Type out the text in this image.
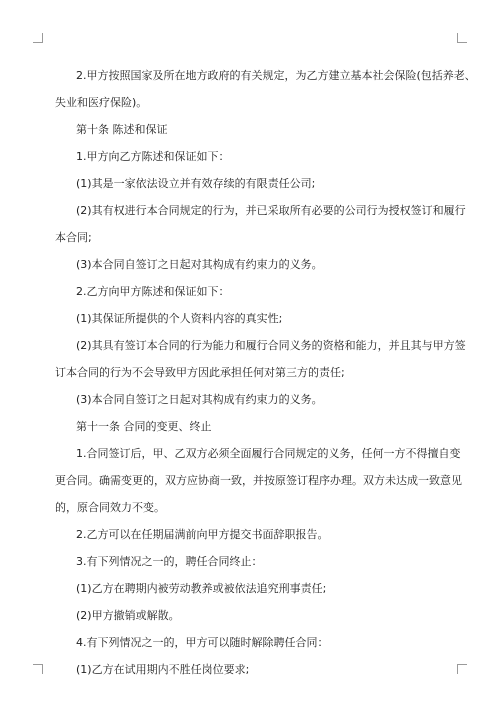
2.甲方按照国家及所在地方政府的有关规定，为乙方建立基本社会保险(包括养老、
失业和医疗保险)。
第十条 陈述和保证
1.甲方向乙方陈述和保证如下：
(1)其是一家依法设立并有效存续的有限责任公司;
(2)其有权进行本合同规定的行为，并已采取所有必要的公司行为授权签订和履行
本合同;
(3)本合同自签订之日起对其构成有约束力的义务。
2.乙方向甲方陈述和保证如下：
(1)其保证所提供的个人资料内容的真实性;
(2)其具有签订本合同的行为能力和履行合同义务的资格和能力，并且其与甲方签
订本合同的行为不会导致甲方因此承担任何对第三方的责任;
(3)本合同自签订之日起对其构成有约束力的义务。
第十一条 合同的变更、终止
1.合同签订后，甲、乙双方必须全面履行合同规定的义务，任何一方不得擅自变
更合同。确需变更的，双方应协商一致，并按原签订程序办理。双方未达成一致意见
的，原合同效力不变。
2.乙方可以在任期届满前向甲方提交书面辞职报告。
3.有下列情况之一的，聘任合同终止：
(1)乙方在聘期内被劳动教养或被依法追究刑事责任;
(2)甲方撤销或解散。
4.有下列情况之一的，甲方可以随时解除聘任合同：
(1)乙方在试用期内不胜任岗位要求;
